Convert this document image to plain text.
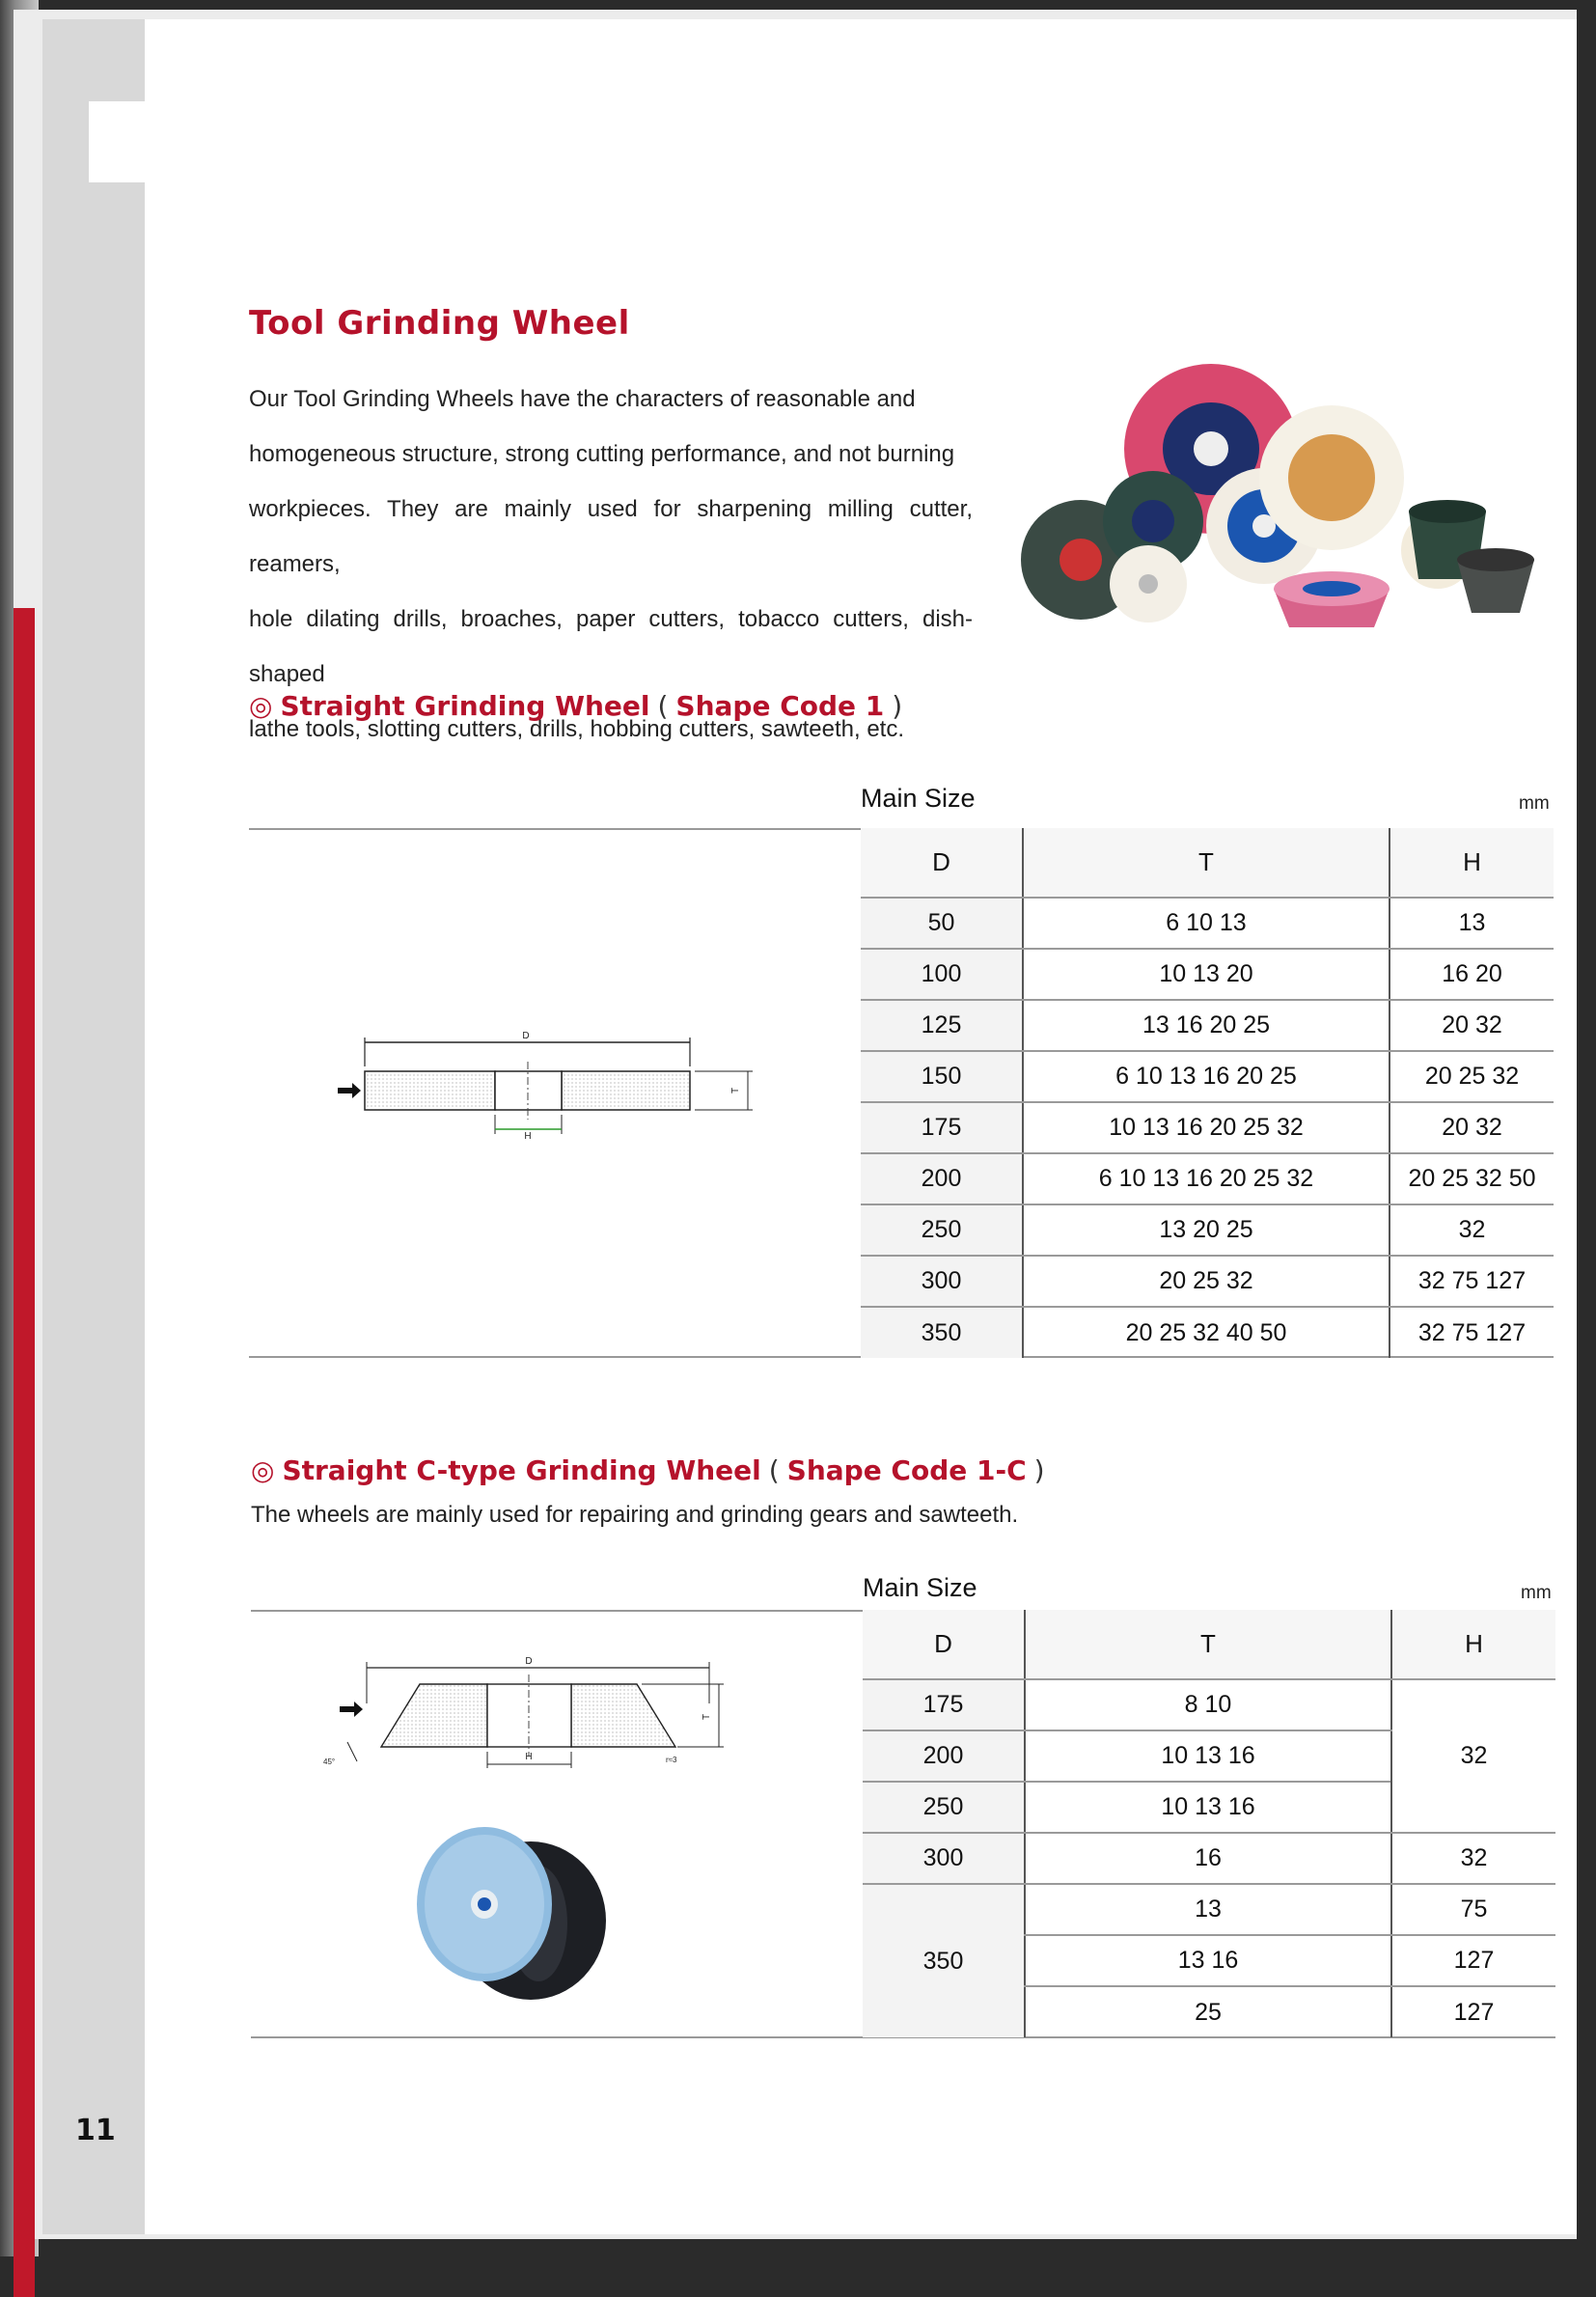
11
Tool Grinding Wheel
Our Tool Grinding Wheels have the characters of reasonable and
homogeneous structure, strong cutting performance, and not burning
workpieces. They are mainly used for sharpening milling cutter, reamers,
hole dilating drills, broaches, paper cutters, tobacco cutters, dish-shaped
lathe tools, slotting cutters, drills, hobbing cutters, sawteeth, etc.
◎ Straight Grinding Wheel ( Shape Code 1 )
Main Size	mm
D
H
T
D	T	H
50	6 10 13	13
100	10 13 20	16 20
125	13 16 20 25	20 32
150	6 10 13 16 20 25	20 25 32
175	10 13 16 20 25 32	20 32
200	6 10 13 16 20 25 32	20 25 32 50
250	13 20 25	32
300	20 25 32	32 75 127
350	20 25 32 40 50	32 75 127
◎ Straight C-type Grinding Wheel ( Shape Code 1-C )
The wheels are mainly used for repairing and grinding gears and sawteeth.
Main Size	mm
D
H
T
r≈3
45°
D	T	H
175	8 10	32
200	10 13 16	
250	10 13 16	
300	16	32
350	13	75
	13 16	127
	25	127
